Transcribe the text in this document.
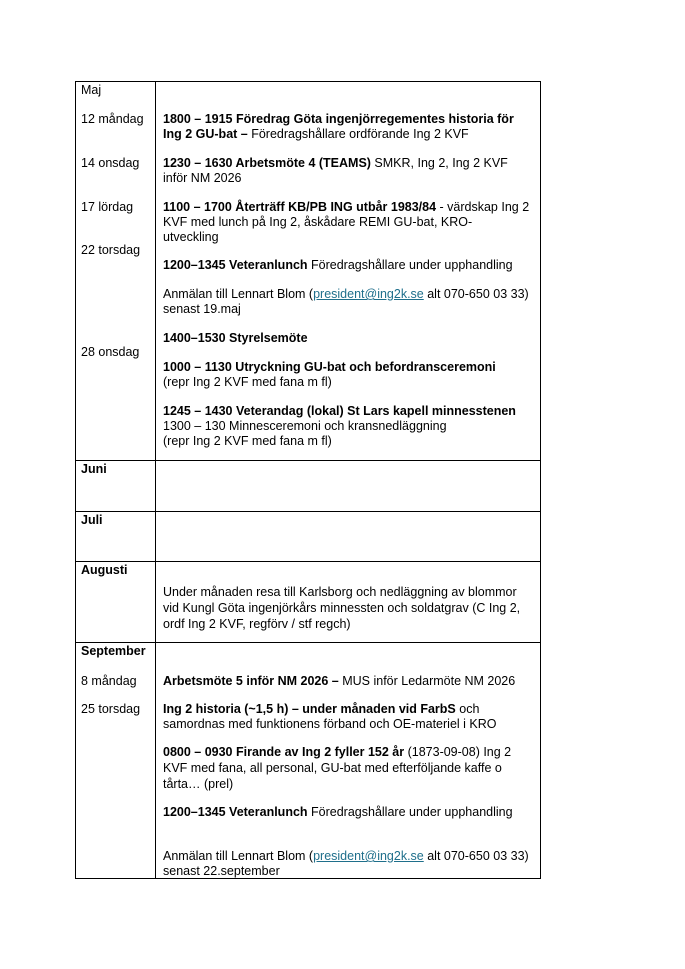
Maj
12 måndag
14 onsdag
17 lördag
22 torsdag
28 onsdag
1800 – 1915 Föredrag Göta ingenjörregementes historia för
Ing 2 GU-bat – Föredragshållare ordförande Ing 2 KVF
1230 – 1630 Arbetsmöte 4 (TEAMS) SMKR, Ing 2, Ing 2 KVF
inför NM 2026
1100 – 1700 Återträff KB/PB ING utbår 1983/84 - värdskap Ing 2
KVF med lunch på Ing 2, åskådare REMI GU-bat, KRO-
utveckling
1200–1345 Veteranlunch Föredragshållare under upphandling
Anmälan till Lennart Blom (president@ing2k.se alt 070-650 03 33)
senast 19.maj
1400–1530 Styrelsemöte
1000 – 1130 Utryckning GU-bat och befordransceremoni
(repr Ing 2 KVF med fana m fl)
1245 – 1430 Veterandag (lokal) St Lars kapell minnesstenen
1300 – 130 Minnesceremoni och kransnedläggning
(repr Ing 2 KVF med fana m fl)
Juni
Juli
Augusti
Under månaden resa till Karlsborg och nedläggning av blommor
vid Kungl Göta ingenjörkårs minnessten och soldatgrav (C Ing 2,
ordf Ing 2 KVF, regförv / stf regch)
September
8 måndag
25 torsdag
Arbetsmöte 5 inför NM 2026 – MUS inför Ledarmöte NM 2026
Ing 2 historia (~1,5 h) – under månaden vid FarbS och
samordnas med funktionens förband och OE-materiel i KRO
0800 – 0930 Firande av Ing 2 fyller 152 år (1873-09-08) Ing 2
KVF med fana, all personal, GU-bat med efterföljande kaffe o
tårta… (prel)
1200–1345 Veteranlunch Föredragshållare under upphandling
Anmälan till Lennart Blom (president@ing2k.se alt 070-650 03 33)
senast 22.september
